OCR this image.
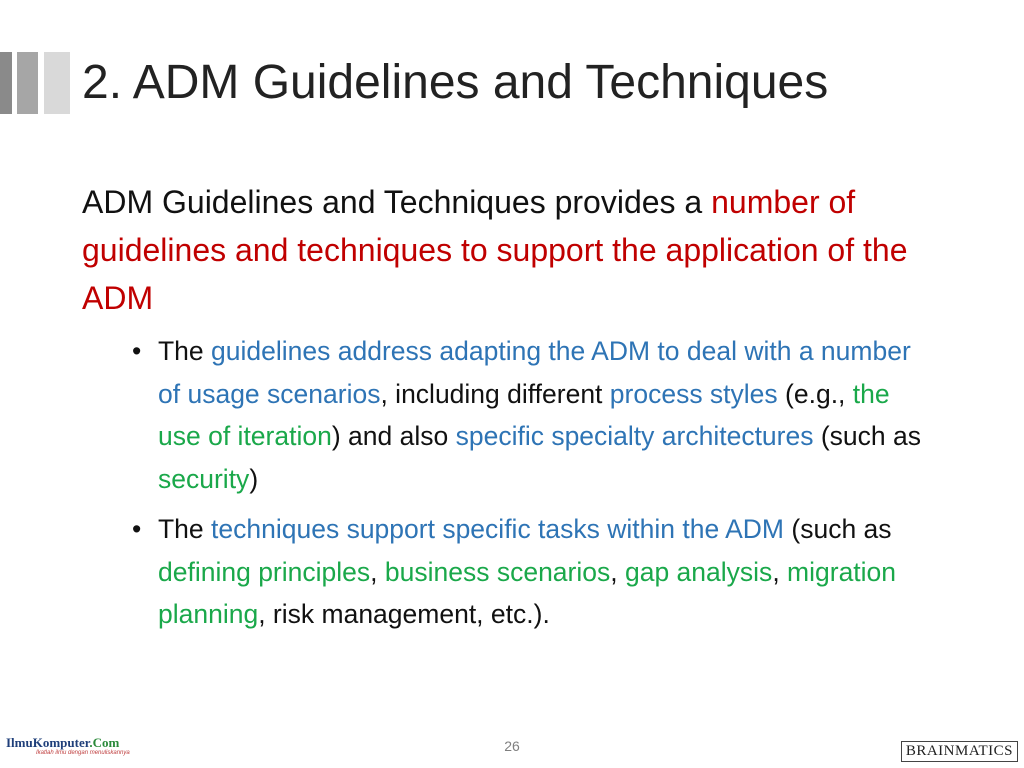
2. ADM Guidelines and Techniques
ADM Guidelines and Techniques provides a number of guidelines and techniques to support the application of the ADM
• The guidelines address adapting the ADM to deal with a number of usage scenarios, including different process styles (e.g., the use of iteration) and also specific specialty architectures (such as security)
• The techniques support specific tasks within the ADM (such as defining principles, business scenarios, gap analysis, migration planning, risk management, etc.).
IlmuKomputer.Com
Ikatlah ilmu dengan menuliskannya	26	BRAINMATICS
